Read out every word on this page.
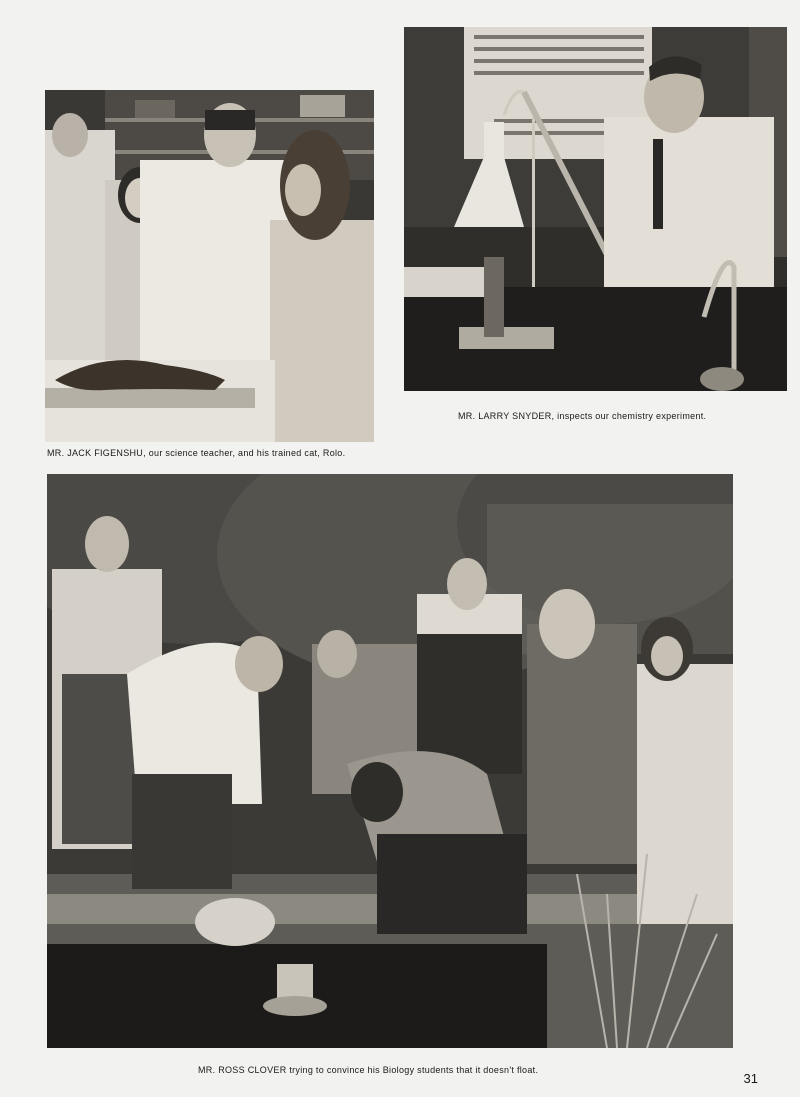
MR. JACK FIGENSHU, our science teacher, and his trained cat, Rolo.
MR. LARRY SNYDER, inspects our chemistry experiment.
MR. ROSS CLOVER trying to convince his Biology students that it doesn't float.
31
